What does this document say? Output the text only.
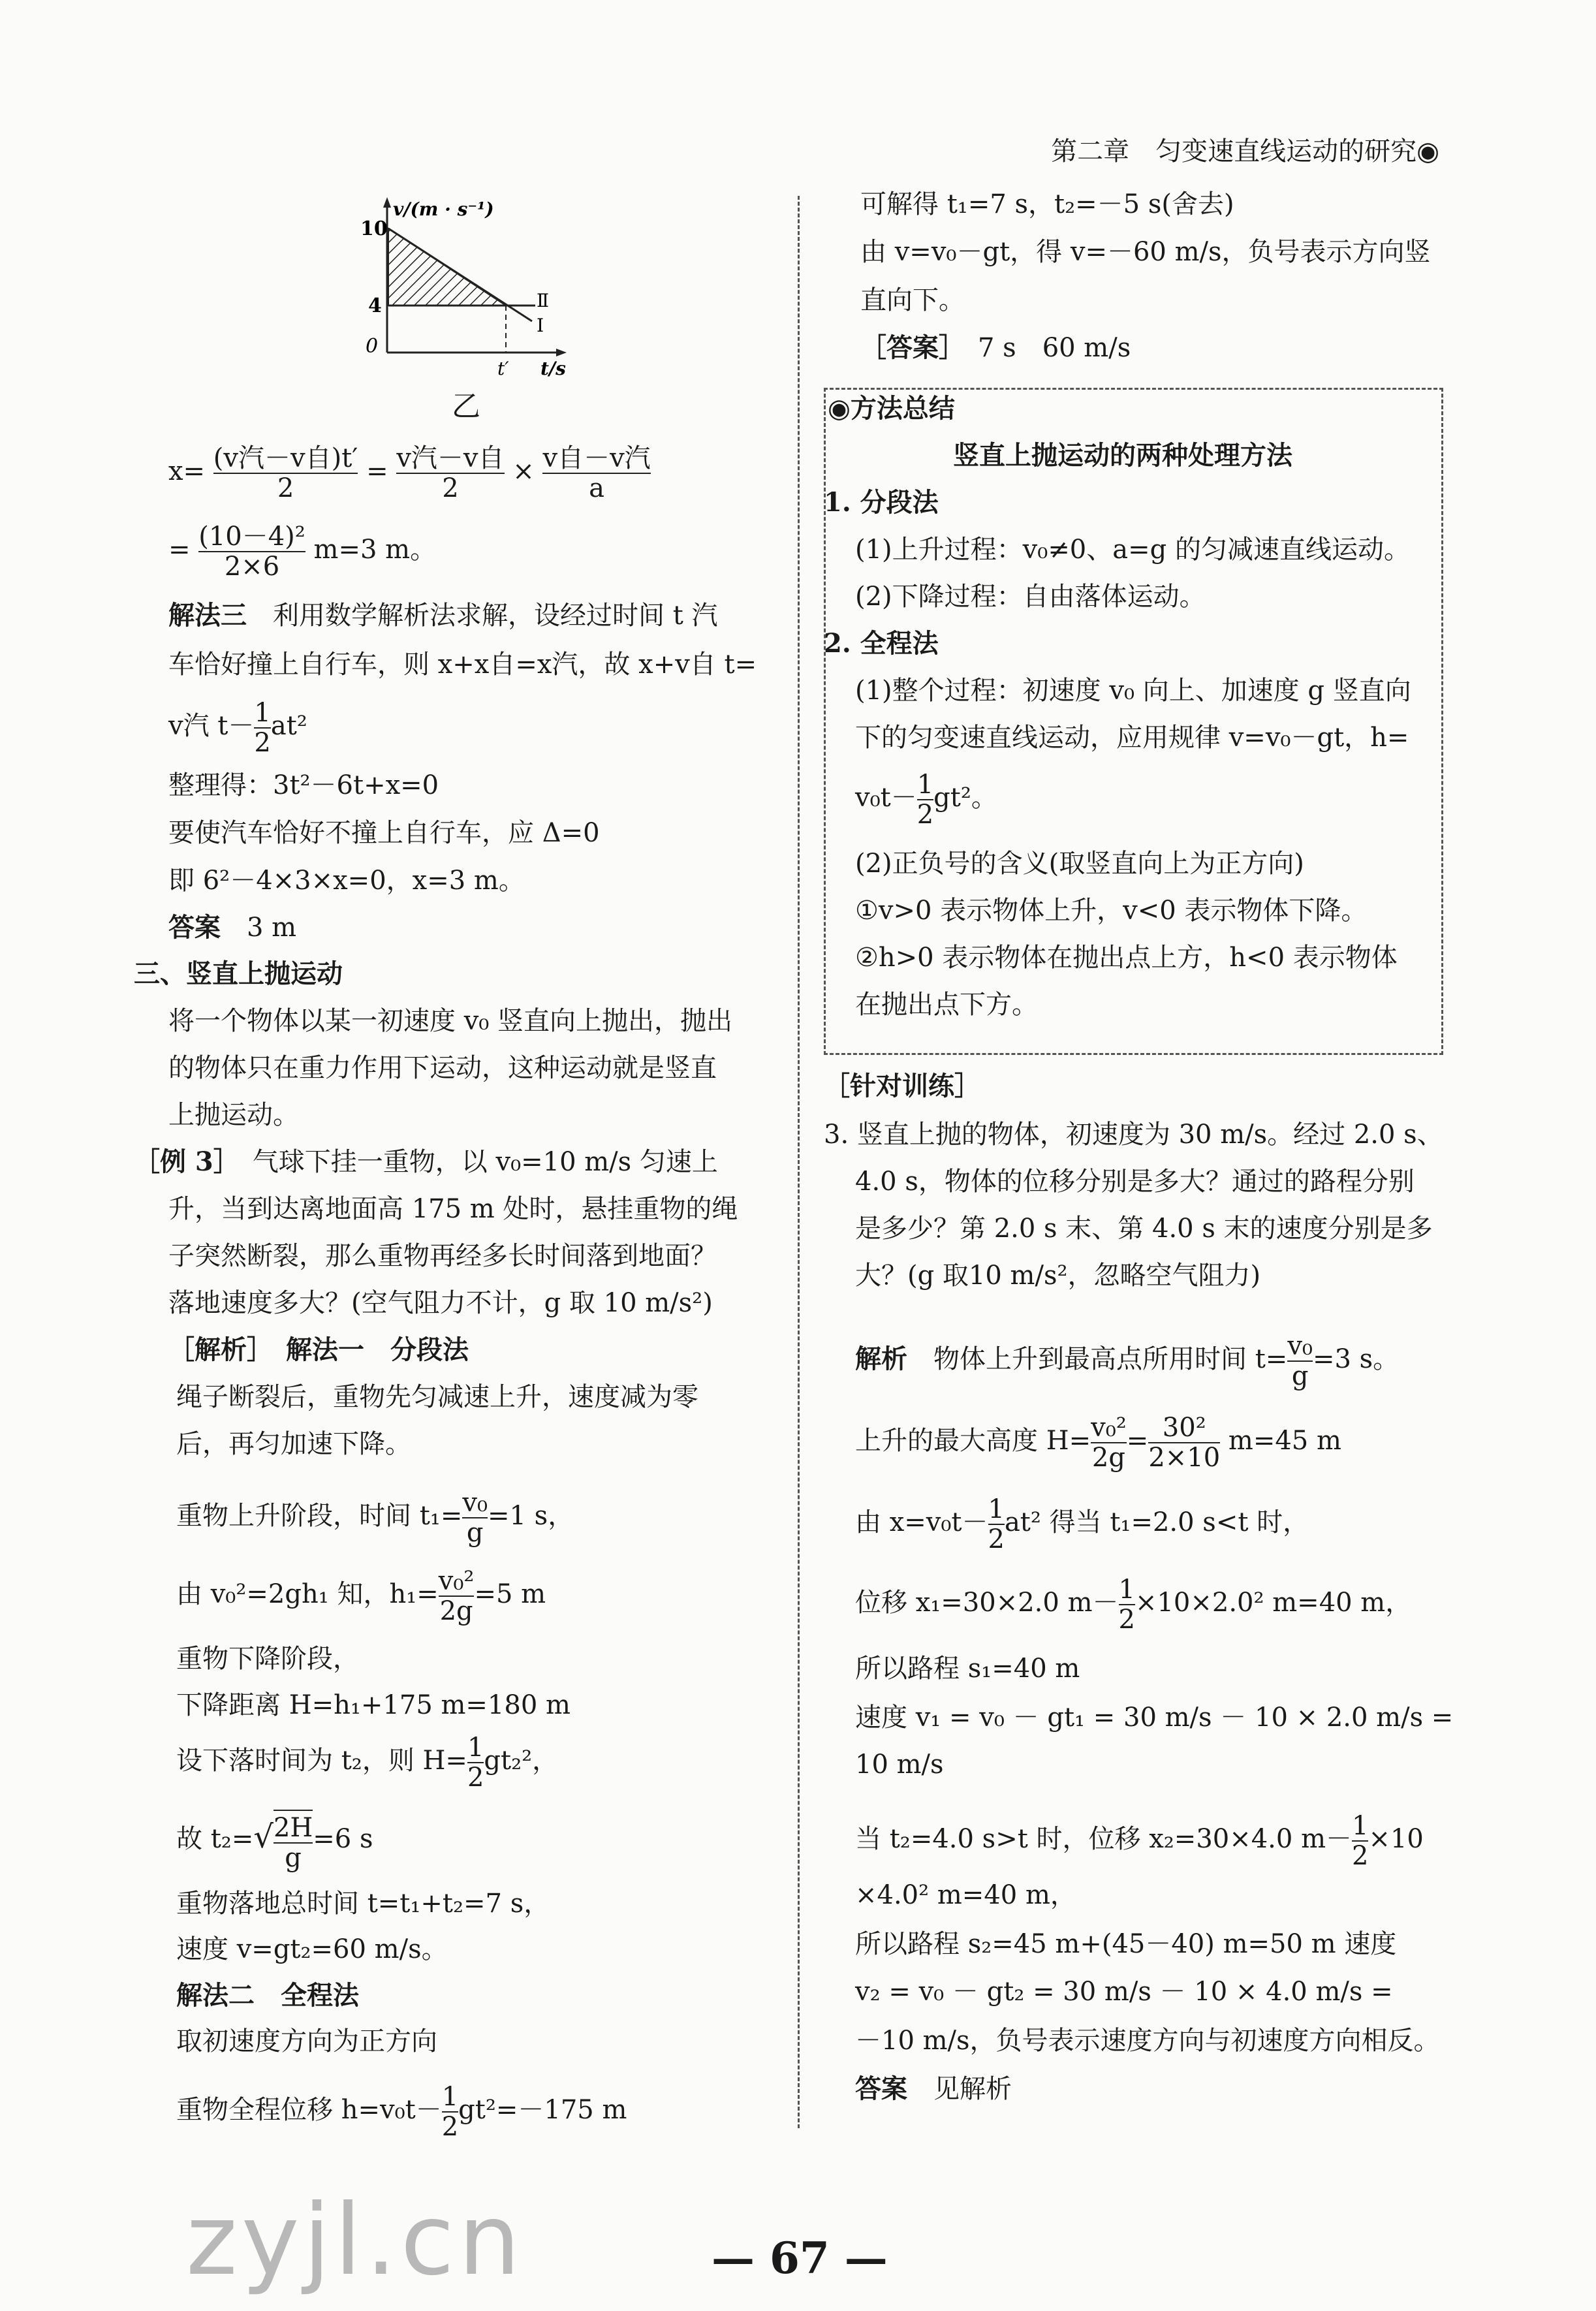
第二章　匀变速直线运动的研究◉
v/(m · s⁻¹)
10
4
0
t′ t/s
Ⅱ
Ⅰ
乙
$x= \frac{\text{(v汽－v自)t′}}{2} = \frac{\text{v汽－v自}}{2} \times \frac{\text{v自－v汽}}{a}$
= $\frac{\text{(10－4)²}}{2\times 6} m=3$ m。
解法三　利用数学解析法求解，设经过时间 t 汽
车恰好撞上自行车，则 x+x自=x汽，故 x+v自 t=
v汽 $t- \frac{1}{2} at^2$
整理得：3t²－6t+x=0
要使汽车恰好不撞上自行车，应 Δ=0
即 6²－4×3×x=0，x=3 m。
答案　3 m
三、竖直上抛运动
将一个物体以某一初速度 v₀ 竖直向上抛出，抛出
的物体只在重力作用下运动，这种运动就是竖直
上抛运动。
［例 3］　气球下挂一重物，以 v₀=10 m/s 匀速上
升，当到达离地面高 175 m 处时，悬挂重物的绳
子突然断裂，那么重物再经多长时间落到地面？
落地速度多大？(空气阻力不计，g 取 10 m/s²)
［解析］　解法一　分段法
绳子断裂后，重物先匀减速上升，速度减为零
后，再匀加速下降。
重物上升阶段，时间 $t_1= \frac{\text{v₀}}{g} =1$ s，
由 v₀²=2gh₁ 知，$h_1= \frac{\text{v₀²}}{2g} =5$ m
重物下降阶段，
下降距离 H=h₁+175 m=180 m
设下落时间为 t₂，则 $H= \frac{1}{2} gt_2^2$，
故 $t_2=√ \frac{2H}{g} =6$ s
重物落地总时间 t=t₁+t₂=7 s，
速度 v=gt₂=60 m/s。
解法二　全程法
取初速度方向为正方向
重物全程位移 $h=v_0t- \frac{1}{2} gt^2=-175$ m
可解得 t₁=7 s，t₂=－5 s(舍去)
由 v=v₀－gt，得 v=－60 m/s，负号表示方向竖
直向下。
［答案］　7 s　60 m/s
◉方法总结
竖直上抛运动的两种处理方法
1. 分段法
(1)上升过程：v₀≠0、a=g 的匀减速直线运动。
(2)下降过程：自由落体运动。
2. 全程法
(1)整个过程：初速度 v₀ 向上、加速度 g 竖直向
下的匀变速直线运动，应用规律 v=v₀－gt，h=
$v_0t- \frac{1}{2} gt^2$。
(2)正负号的含义(取竖直向上为正方向)
①v>0 表示物体上升，v<0 表示物体下降。
②h>0 表示物体在抛出点上方，h<0 表示物体
在抛出点下方。
［针对训练］
3. 竖直上抛的物体，初速度为 30 m/s。经过 2.0 s、
4.0 s，物体的位移分别是多大？通过的路程分别
是多少？第 2.0 s 末、第 4.0 s 末的速度分别是多
大？(g 取10 m/s²，忽略空气阻力)
解析　物体上升到最高点所用时间 $t= \frac{\text{v₀}}{g} =3$ s。
上升的最大高度 $H= \frac{\text{v₀²}}{2g} = \frac{\text{30²}}{2\times 10} m=45$ m
由 $x=v_0t- \frac{1}{2} at^2$ 得当 t₁=2.0 s<t 时，
位移 x₁=30×2.0 $m- \frac{1}{2} \times 10\times 2.0^2$ m=40 m，
所以路程 s₁=40 m
速度 v₁ = v₀ － gt₁ = 30 m/s － 10 × 2.0 m/s =
10 m/s
当 t₂=4.0 s>t 时，位移 x₂=30×4.0 $m- \frac{1}{2} \times 10$
×4.0² m=40 m，
所以路程 s₂=45 m+(45－40) m=50 m 速度
v₂ = v₀ － gt₂ = 30 m/s － 10 × 4.0 m/s =
－10 m/s，负号表示速度方向与初速度方向相反。
答案　见解析
zyjl.cn	— 67 —
